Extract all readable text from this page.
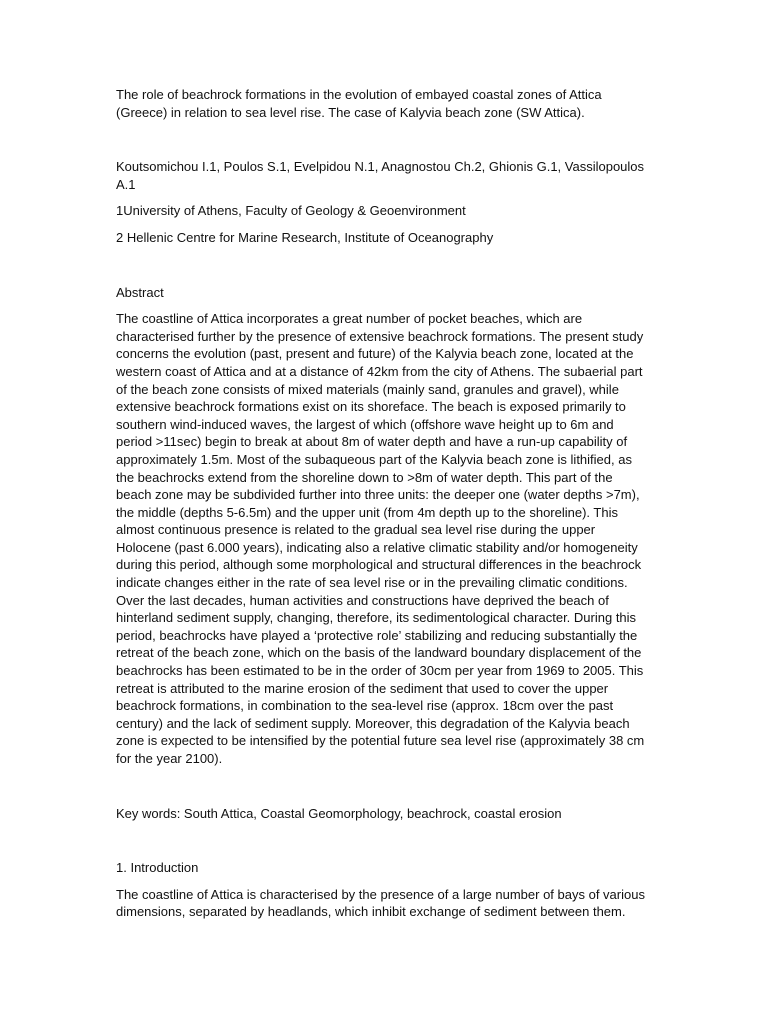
The role of beachrock formations in the evolution of embayed coastal zones of Attica
(Greece) in relation to sea level rise. The case of Kalyvia beach zone (SW Attica).
Koutsomichou I.1, Poulos S.1, Evelpidou N.1, Anagnostou Ch.2, Ghionis G.1, Vassilopoulos
A.1
1University of Athens, Faculty of Geology & Geoenvironment
2 Hellenic Centre for Marine Research, Institute of Oceanography
Abstract
The coastline of Attica incorporates a great number of pocket beaches, which are
characterised further by the presence of extensive beachrock formations. The present study
concerns the evolution (past, present and future) of the Kalyvia beach zone, located at the
western coast of Attica and at a distance of 42km from the city of Athens. The subaerial part
of the beach zone consists of mixed materials (mainly sand, granules and gravel), while
extensive beachrock formations exist on its shoreface. The beach is exposed primarily to
southern wind-induced waves, the largest of which (offshore wave height up to 6m and
period >11sec) begin to break at about 8m of water depth and have a run-up capability of
approximately 1.5m. Most of the subaqueous part of the Kalyvia beach zone is lithified, as
the beachrocks extend from the shoreline down to >8m of water depth. This part of the
beach zone may be subdivided further into three units: the deeper one (water depths >7m),
the middle (depths 5-6.5m) and the upper unit (from 4m depth up to the shoreline). This
almost continuous presence is related to the gradual sea level rise during the upper
Holocene (past 6.000 years), indicating also a relative climatic stability and/or homogeneity
during this period, although some morphological and structural differences in the beachrock
indicate changes either in the rate of sea level rise or in the prevailing climatic conditions.
Over the last decades, human activities and constructions have deprived the beach of
hinterland sediment supply, changing, therefore, its sedimentological character. During this
period, beachrocks have played a ‘protective role’ stabilizing and reducing substantially the
retreat of the beach zone, which on the basis of the landward boundary displacement of the
beachrocks has been estimated to be in the order of 30cm per year from 1969 to 2005. This
retreat is attributed to the marine erosion of the sediment that used to cover the upper
beachrock formations, in combination to the sea-level rise (approx. 18cm over the past
century) and the lack of sediment supply. Moreover, this degradation of the Kalyvia beach
zone is expected to be intensified by the potential future sea level rise (approximately 38 cm
for the year 2100).
Key words: South Attica, Coastal Geomorphology, beachrock, coastal erosion
1. Introduction
The coastline of Attica is characterised by the presence of a large number of bays of various
dimensions, separated by headlands, which inhibit exchange of sediment between them.
